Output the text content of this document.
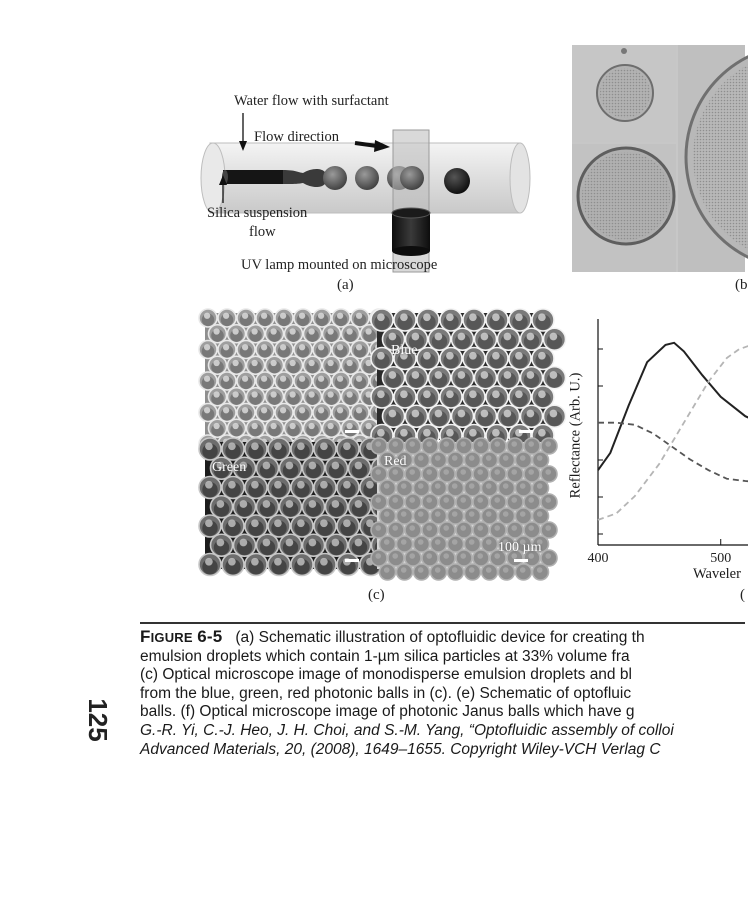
Water flow with surfactant
Flow direction
Silica suspension
flow
UV lamp mounted on microscope
(a)	(b
Blue
Green	Red
100 µm
(c)
400	500
Reflectance (Arb. U.)
Waveler
(
FIGURE 6-5 (a) Schematic illustration of optofluidic device for creating th
emulsion droplets which contain 1-µm silica particles at 33% volume fra
(c) Optical microscope image of monodisperse emulsion droplets and bl
from the blue, green, red photonic balls in (c). (e) Schematic of optofluic
balls. (f) Optical microscope image of photonic Janus balls which have g
G.-R. Yi, C.-J. Heo, J. H. Choi, and S.-M. Yang, “Optofluidic assembly of colloi
Advanced Materials, 20, (2008), 1649–1655. Copyright Wiley-VCH Verlag C
125
